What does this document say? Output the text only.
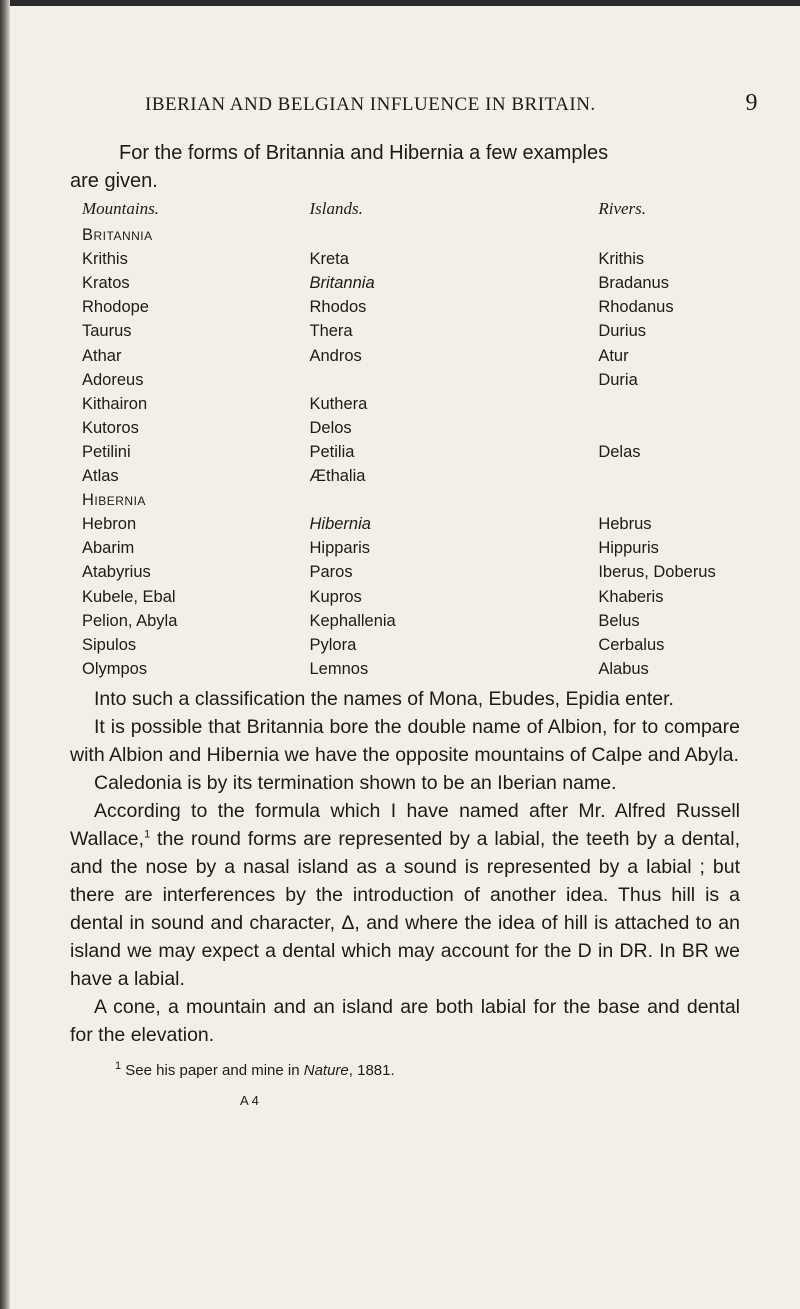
IBERIAN AND BELGIAN INFLUENCE IN BRITAIN.	9

For the forms of Britannia and Hibernia a few examples
are given.

Mountains.	Islands.	Rivers.
Britannia		
Krithis	Kreta	Krithis
Kratos	Britannia	Bradanus
Rhodope	Rhodos	Rhodanus
Taurus	Thera	Durius
Athar	Andros	Atur
Adoreus		Duria
Kithairon	Kuthera	
Kutoros	Delos	
Petilini	Petilia	Delas
Atlas	Æthalia	
Hibernia		
Hebron	Hibernia	Hebrus
Abarim	Hipparis	Hippuris
Atabyrius	Paros	Iberus, Doberus
Kubele, Ebal	Kupros	Khaberis
Pelion, Abyla	Kephallenia	Belus
Sipulos	Pylora	Cerbalus
Olympos	Lemnos	Alabus

Into such a classification the names of Mona, Ebudes, Epidia enter.

It is possible that Britannia bore the double name of Albion, for to compare with Albion and Hibernia we have the opposite mountains of Calpe and Abyla.

Caledonia is by its termination shown to be an Iberian name.

According to the formula which I have named after Mr. Alfred Russell Wallace,$^1$ the round forms are represented by a labial, the teeth by a dental, and the nose by a nasal island as a sound is represented by a labial ; but there are interferences by the introduction of another idea. Thus hill is a dental in sound and character, Δ, and where the idea of hill is attached to an island we may expect a dental which may account for the D in DR. In BR we have a labial.

A cone, a mountain and an island are both labial for the base and dental for the elevation.

$^1$ See his paper and mine in Nature, 1881.
A 4
